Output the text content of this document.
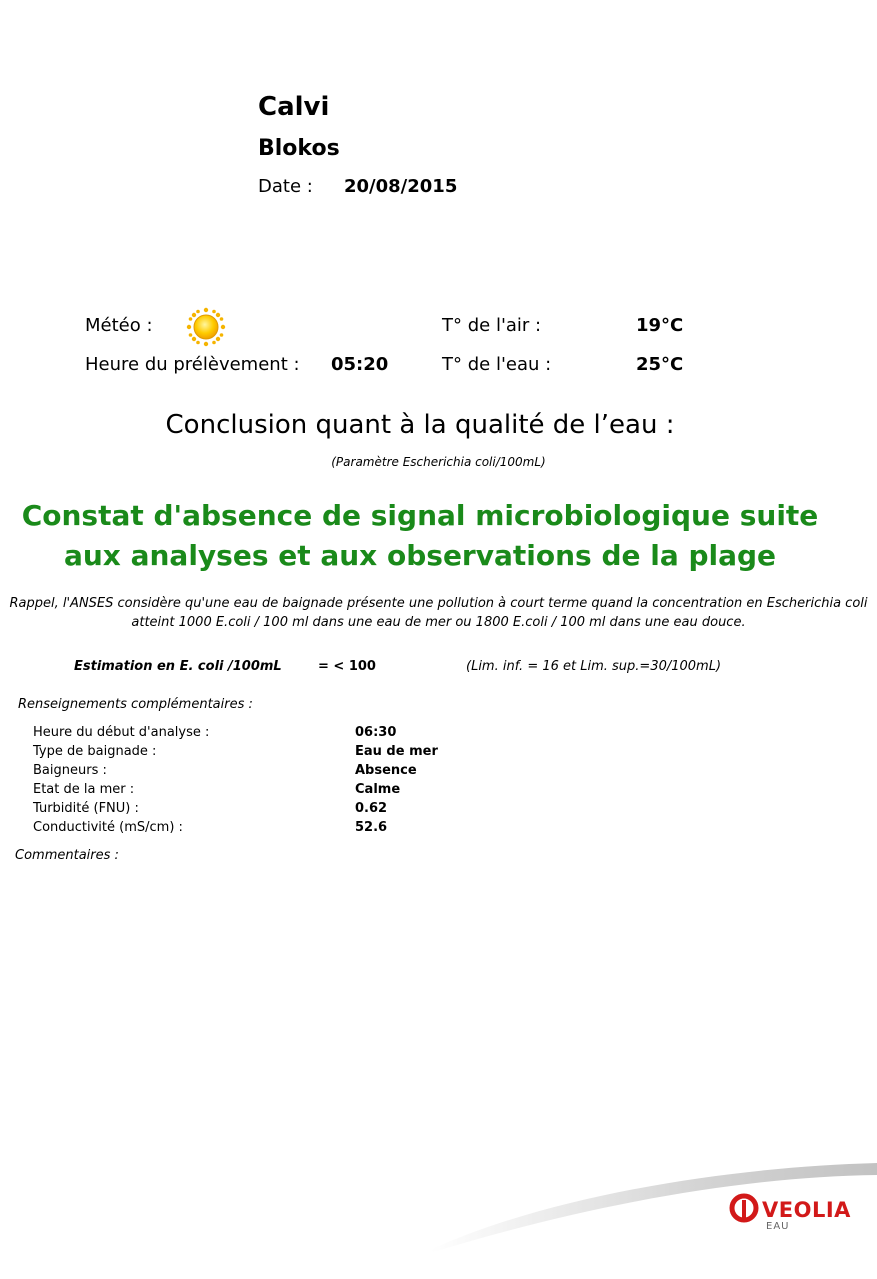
Calvi
Blokos
Date : 20/08/2015
Météo :	T° de l'air :	19°C
Heure du prélèvement : 05:20	T° de l'eau :	25°C
Conclusion quant à la qualité de l’eau :
(Paramètre Escherichia coli/100mL)
Constat d'absence de signal microbiologique suite aux analyses et aux observations de la plage
Rappel, l'ANSES considère qu'une eau de baignade présente une pollution à court terme quand la concentration en Escherichia coli atteint 1000 E.coli / 100 ml dans une eau de mer ou 1800 E.coli / 100 ml dans une eau douce.
Estimation en E. coli /100mL	= < 100	(Lim. inf. = 16 et Lim. sup.=30/100mL)
Renseignements complémentaires :
Heure du début d'analyse :	06:30
Type de baignade :	Eau de mer
Baigneurs :	Absence
Etat de la mer :	Calme
Turbidité (FNU) :	0.62
Conductivité (mS/cm) :	52.6
Commentaires :
VEOLIA
EAU
